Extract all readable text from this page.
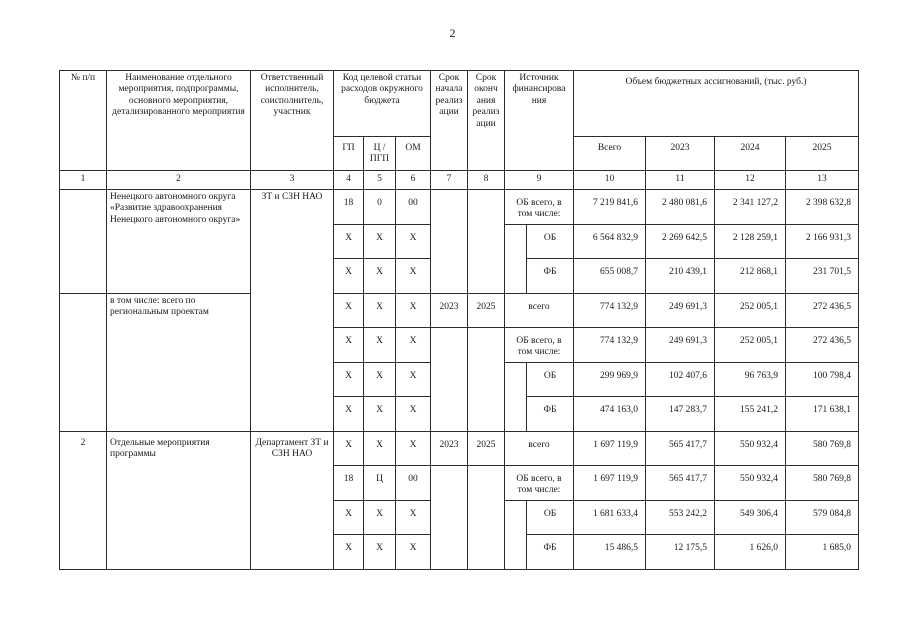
2
№ п/п	Наименование отдельного мероприятия, подпрограммы, основного мероприятия, детализированного мероприятия	Ответственный исполнитель, соисполнитель, участник	Код целевой статьи расходов окружного бюджета			Срок начала реализ ации	Срок оконч ания реализ ации	Источник финансирова ния		Объем бюджетных ассигнований, (тыс. руб.)			
			ГП	Ц / ПГП	ОМ					Всего	2023	2024	2025
1	2	3	4	5	6	7	8	9		10	11	12	13
	Ненецкого автономного округа «Развитие здравоохранения Ненецкого автономного округа»	ЗТ и СЗН НАО	18	0	00			ОБ всего, в том числе:		7 219 841,6	2 480 081,6	2 341 127,2	2 398 632,8
			X	X	X				ОБ	6 564 832,9	2 269 642,5	2 128 259,1	2 166 931,3
			X	X	X				ФБ	655 008,7	210 439,1	212 868,1	231 701,5
	в том числе: всего по региональным проектам		X	X	X	2023	2025	всего		774 132,9	249 691,3	252 005,1	272 436,5
			X	X	X			ОБ всего, в том числе:		774 132,9	249 691,3	252 005,1	272 436,5
			X	X	X				ОБ	299 969,9	102 407,6	96 763,9	100 798,4
			X	X	X				ФБ	474 163,0	147 283,7	155 241,2	171 638,1
2	Отдельные мероприятия программы	Департамент ЗТ и СЗН НАО	X	X	X	2023	2025	всего		1 697 119,9	565 417,7	550 932,4	580 769,8
			18	Ц	00			ОБ всего, в том числе:		1 697 119,9	565 417,7	550 932,4	580 769,8
			X	X	X				ОБ	1 681 633,4	553 242,2	549 306,4	579 084,8
			X	X	X				ФБ	15 486,5	12 175,5	1 626,0	1 685,0
